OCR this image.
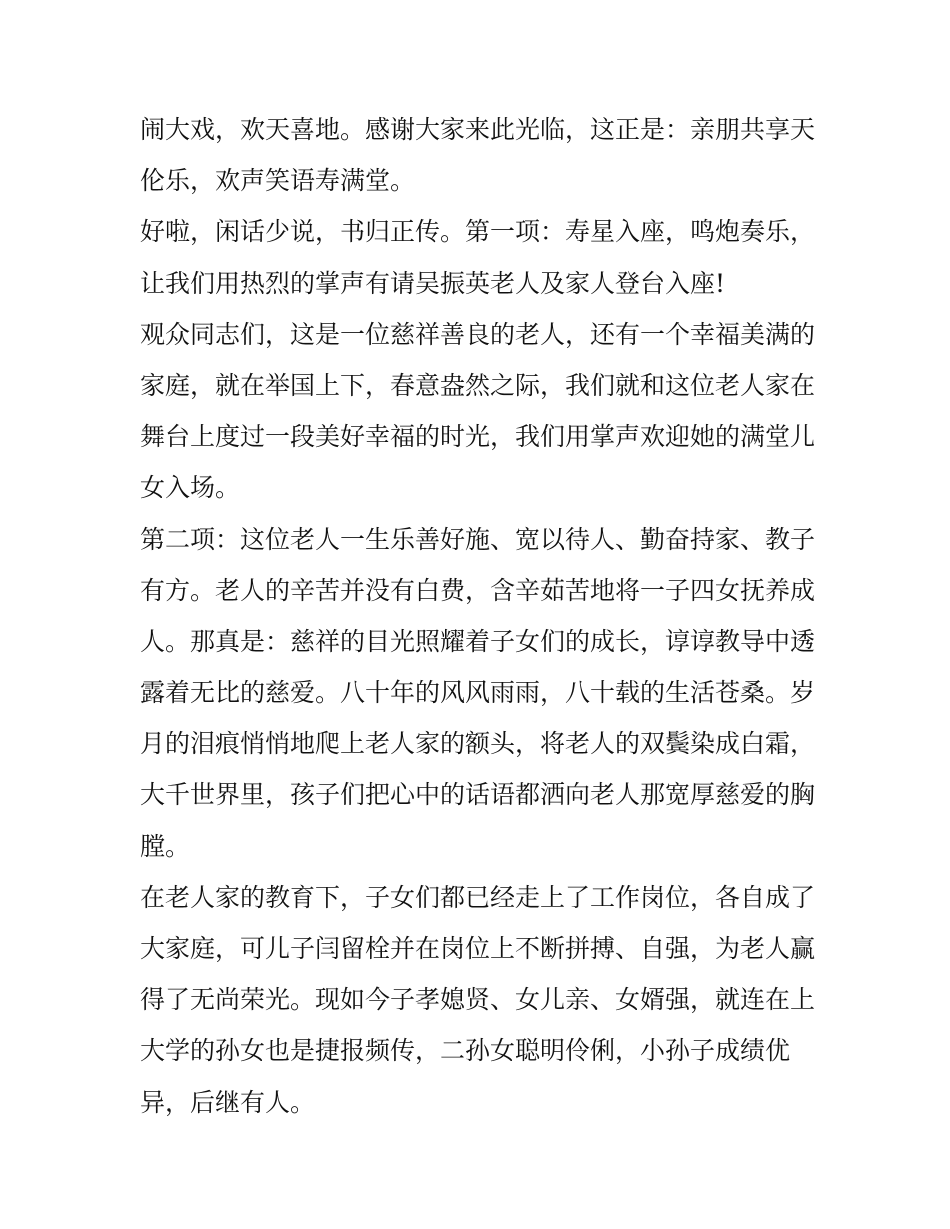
闹大戏，欢天喜地。感谢大家来此光临，这正是：亲朋共享天
伦乐，欢声笑语寿满堂。
好啦，闲话少说，书归正传。第一项：寿星入座，鸣炮奏乐，
让我们用热烈的掌声有请吴振英老人及家人登台入座!
观众同志们，这是一位慈祥善良的老人，还有一个幸福美满的
家庭，就在举国上下，春意盎然之际，我们就和这位老人家在
舞台上度过一段美好幸福的时光，我们用掌声欢迎她的满堂儿
女入场。
第二项：这位老人一生乐善好施、宽以待人、勤奋持家、教子
有方。老人的辛苦并没有白费，含辛茹苦地将一子四女抚养成
人。那真是：慈祥的目光照耀着子女们的成长，谆谆教导中透
露着无比的慈爱。八十年的风风雨雨，八十载的生活苍桑。岁
月的泪痕悄悄地爬上老人家的额头，将老人的双鬓染成白霜，
大千世界里，孩子们把心中的话语都洒向老人那宽厚慈爱的胸
膛。
在老人家的教育下，子女们都已经走上了工作岗位，各自成了
大家庭，可儿子闫留栓并在岗位上不断拼搏、自强，为老人赢
得了无尚荣光。现如今子孝媳贤、女儿亲、女婿强，就连在上
大学的孙女也是捷报频传，二孙女聪明伶俐，小孙子成绩优
异，后继有人。
